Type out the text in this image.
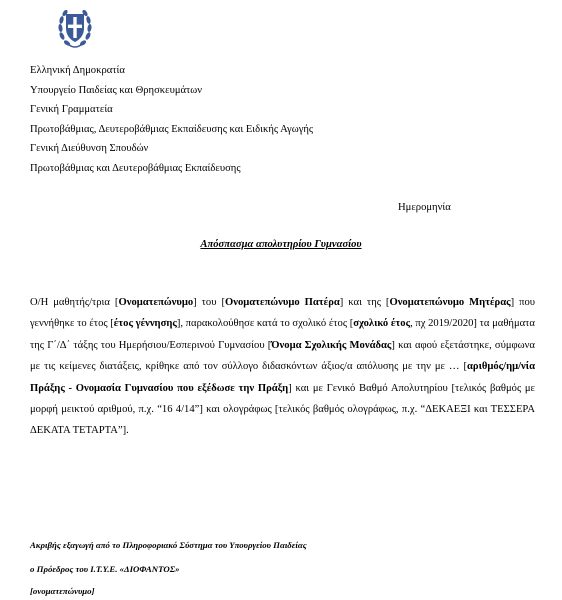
Ελληνική Δημοκρατία
Υπουργείο Παιδείας και Θρησκευμάτων
Γενική Γραμματεία
Πρωτοβάθμιας, Δευτεροβάθμιας Εκπαίδευσης και Ειδικής Αγωγής
Γενική Διεύθυνση Σπουδών
Πρωτοβάθμιας και Δευτεροβάθμιας Εκπαίδευσης
Ημερομηνία
Απόσπασμα απολυτηρίου Γυμνασίου
Ο/Η μαθητής/τρια [Ονοματεπώνυμο] του [Ονοματεπώνυμο Πατέρα] και της [Ονοματεπώνυμο Μητέρας] που γεννήθηκε το έτος [έτος γέννησης], παρακολούθησε κατά το σχολικό έτος [σχολικό έτος, πχ 2019/2020] τα μαθήματα της Γ΄/Δ΄ τάξης του Ημερήσιου/Εσπερινού Γυμνασίου [Όνομα Σχολικής Μονάδας] και αφού εξετάστηκε, σύμφωνα με τις κείμενες διατάξεις, κρίθηκε από τον σύλλογο διδασκόντων άξιος/α απόλυσης με την με … [αριθμός/ημ/νία Πράξης - Ονομασία Γυμνασίου που εξέδωσε την Πράξη] και με Γενικό Βαθμό Απολυτηρίου [τελικός βαθμός με μορφή μεικτού αριθμού, π.χ. “16 4/14”] και ολογράφως [τελικός βαθμός ολογράφως, π.χ. “ΔΕΚΑΕΞΙ και ΤΕΣΣΕΡΑ ΔΕΚΑΤΑ ΤΕΤΑΡΤΑ”].
Ακριβής εξαγωγή από το Πληροφοριακό Σύστημα του Υπουργείου Παιδείας
ο Πρόεδρος του Ι.Τ.Υ.Ε. «ΔΙΟΦΑΝΤΟΣ»
[ονοματεπώνυμο]
